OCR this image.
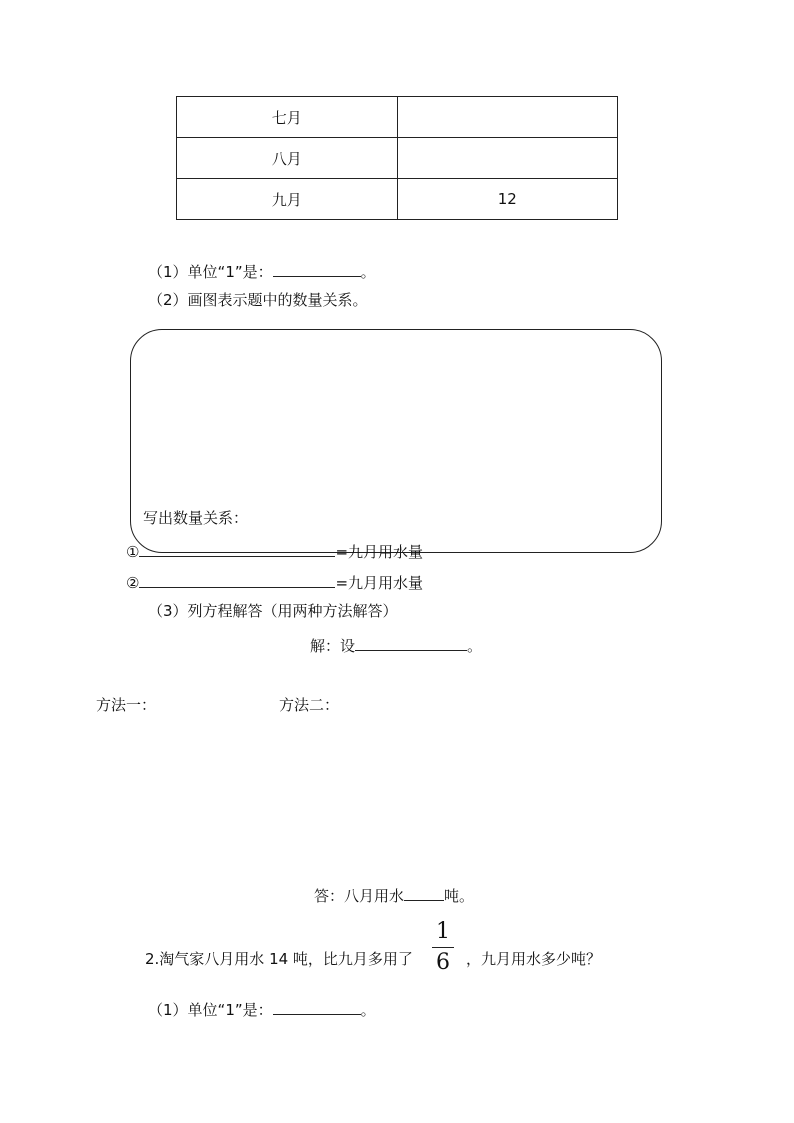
七月	
八月	
九月	12
（1）单位“1”是：	。
（2）画图表示题中的数量关系。
写出数量关系：
①	=九月用水量
②	=九月用水量
（3）列方程解答（用两种方法解答）
解：设	。
方法一：	方法二：
答：八月用水	吨。
2.淘气家八月用水 14 吨，比九月多用了
1
6	，九月用水多少吨？
（1）单位“1”是：	。
